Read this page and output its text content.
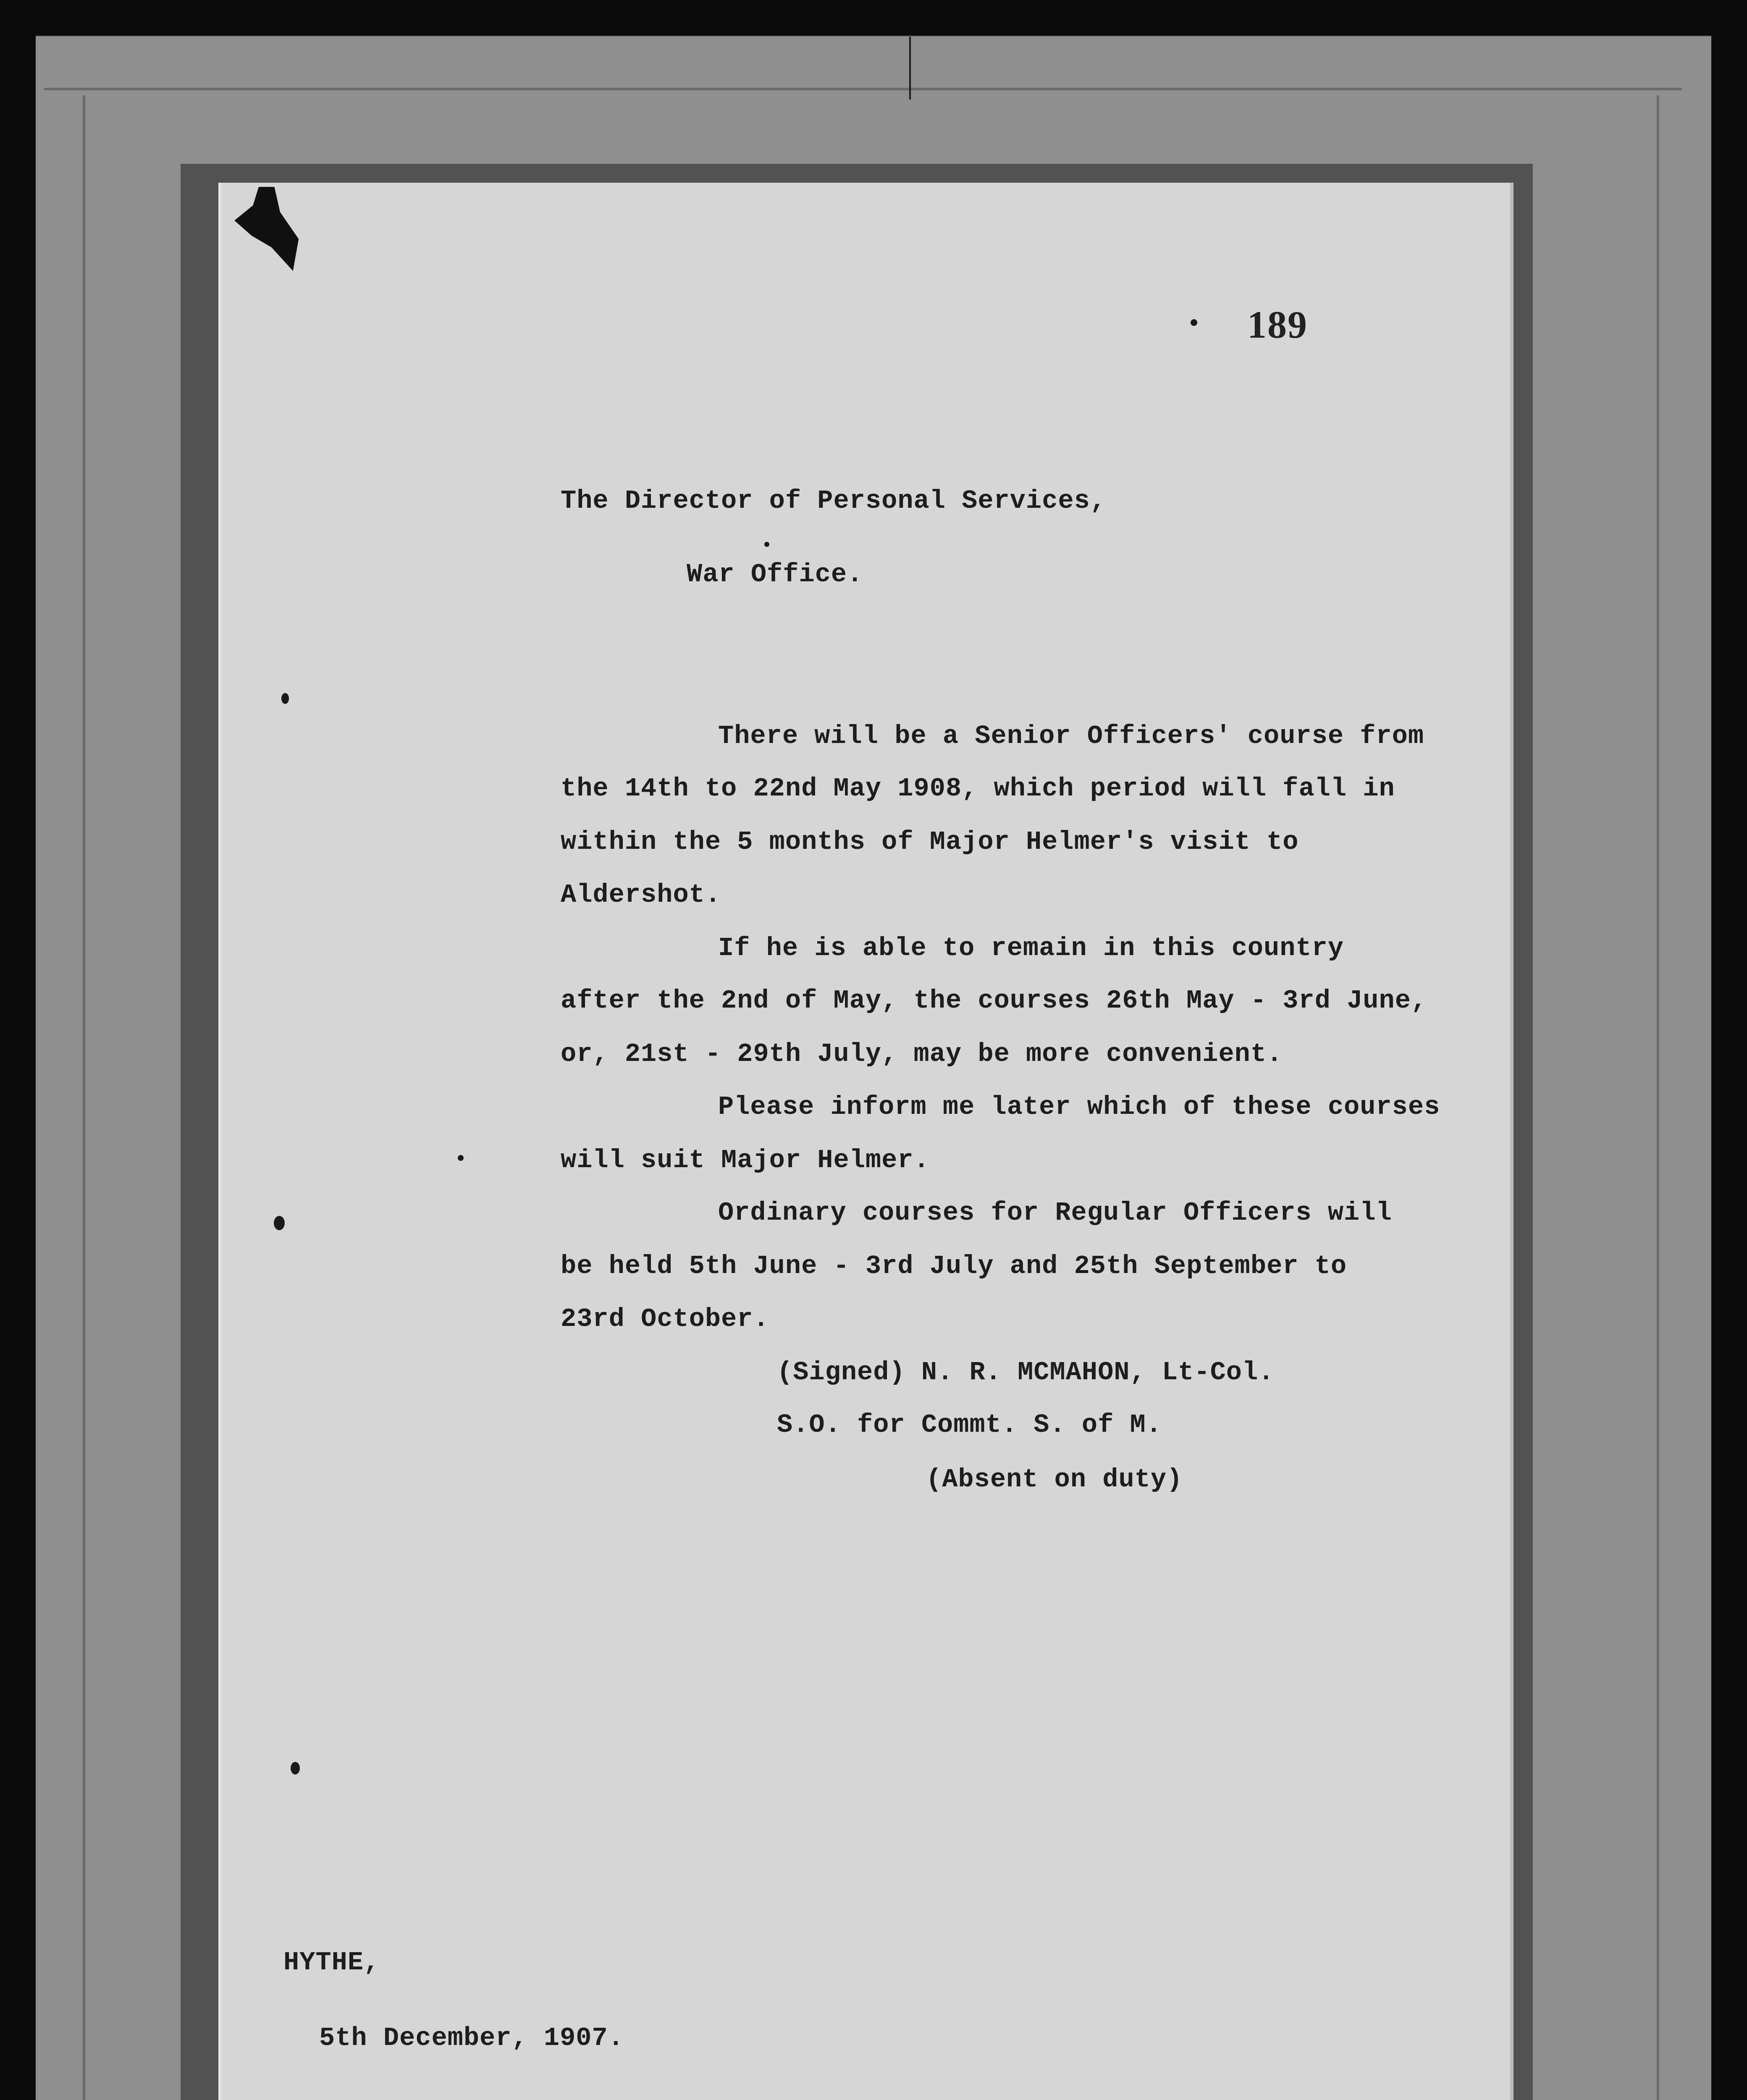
189
The Director of Personal Services,
War Office.
There will be a Senior Officers' course from
the 14th to 22nd May 1908, which period will fall in
within the 5 months of Major Helmer's visit to
Aldershot.
If he is able to remain in this country
after the 2nd of May, the courses 26th May - 3rd June,
or, 21st - 29th July, may be more convenient.
Please inform me later which of these courses
will suit Major Helmer.
Ordinary courses for Regular Officers will
be held 5th June - 3rd July and 25th September to
23rd October.
(Signed) N. R. MCMAHON, Lt-Col.
S.O. for Commt. S. of M.
(Absent on duty)
HYTHE,
5th December, 1907.
